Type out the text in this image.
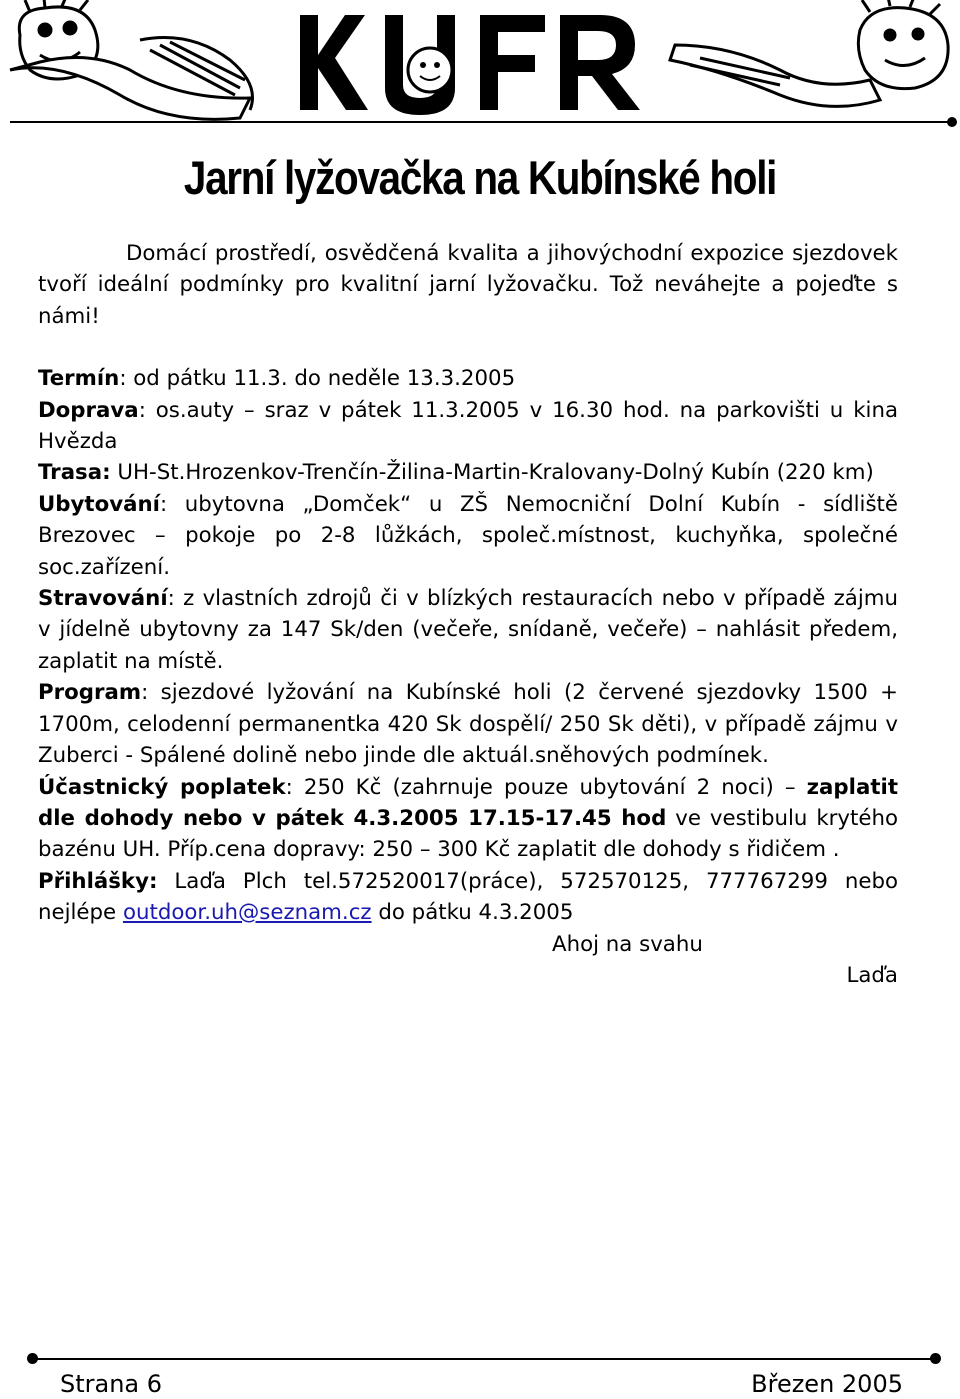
Jarní lyžovačka na Kubínské holi

Domácí prostředí, osvědčená kvalita a jihovýchodní expozice sjezdovek tvoří ideální podmínky pro kvalitní jarní lyžovačku. Tož neváhejte a pojeďte s námi!

Termín: od pátku 11.3. do neděle 13.3.2005

Doprava: os.auty – sraz v pátek 11.3.2005 v 16.30 hod. na parkovišti u kina Hvězda

Trasa: UH-St.Hrozenkov-Trenčín-Žilina-Martin-Kralovany-Dolný Kubín (220 km)

Ubytování: ubytovna „Domček“ u ZŠ Nemocniční Dolní Kubín - sídliště Brezovec – pokoje po 2-8 lůžkách, společ.místnost, kuchyňka, společné soc.zařízení.

Stravování: z vlastních zdrojů či v blízkých restauracích nebo v případě zájmu v jídelně ubytovny za 147 Sk/den (večeře, snídaně, večeře) – nahlásit předem, zaplatit na místě.

Program: sjezdové lyžování na Kubínské holi (2 červené sjezdovky 1500 + 1700m, celodenní permanentka 420 Sk dospělí/ 250 Sk děti), v případě zájmu v Zuberci - Spálené dolině nebo jinde dle aktuál.sněhových podmínek.

Účastnický poplatek: 250 Kč (zahrnuje pouze ubytování 2 noci) – zaplatit dle dohody nebo v pátek 4.3.2005 17.15-17.45 hod ve vestibulu krytého bazénu UH. Příp.cena dopravy: 250 – 300 Kč zaplatit dle dohody s řidičem .

Přihlášky: Laďa Plch tel.572520017(práce), 572570125, 777767299 nebo nejlépe outdoor.uh@seznam.cz do pátku 4.3.2005

Ahoj na svahu

Laďa

Strana 6	Březen 2005
